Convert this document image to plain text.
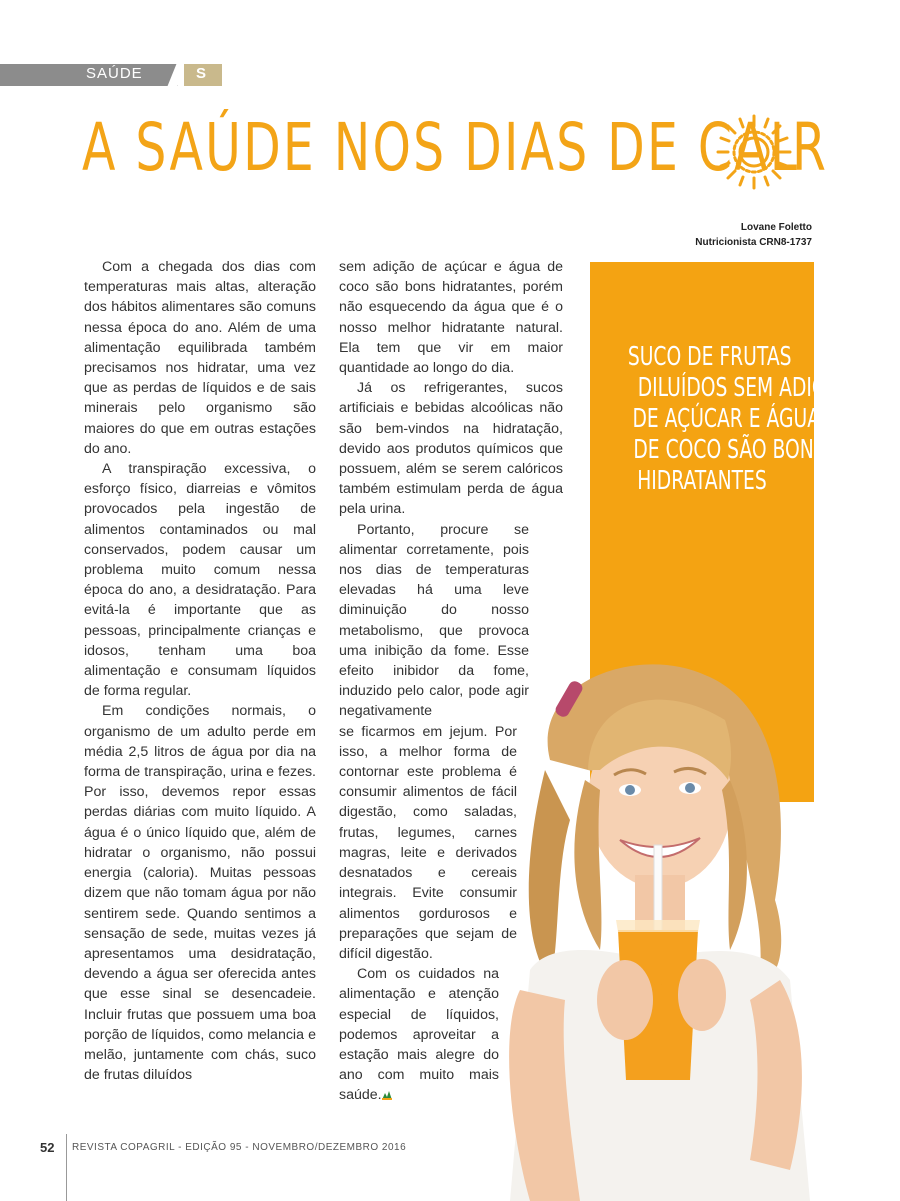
SAÚDE	S
A SAÚDE NOS DIAS DE CAL
R
Lovane Foletto
Nutricionista CRN8-1737

Com a chegada dos dias com temperaturas mais altas, alteração dos hábitos alimentares são comuns nessa época do ano. Além de uma alimentação equilibrada também precisamos nos hidratar, uma vez que as perdas de líquidos e de sais minerais pelo organismo são maiores do que em outras estações do ano.

A transpiração excessiva, o esforço físico, diarreias e vômitos provocados pela ingestão de alimentos contaminados ou mal conservados, podem causar um problema muito comum nessa época do ano, a desidratação. Para evitá-la é importante que as pessoas, principalmente crianças e idosos, tenham uma boa alimentação e consumam líquidos de forma regular.

Em condições normais, o organismo de um adulto perde em média 2,5 litros de água por dia na forma de transpiração, urina e fezes. Por isso, devemos repor essas perdas diárias com muito líquido. A água é o único líquido que, além de hidratar o organismo, não possui energia (caloria). Muitas pessoas dizem que não tomam água por não sentirem sede. Quando sentimos a sensação de sede, muitas vezes já apresentamos uma desidratação, devendo a água ser oferecida antes que esse sinal se desencadeie. Incluir frutas que possuem uma boa porção de líquidos, como melancia e melão, juntamente com chás, suco de frutas diluídos

SUCO DE FRUTAS
DILUÍDOS SEM ADIÇÃO
DE AÇÚCAR E ÁGUA
DE COCO SÃO BONS
HIDRATANTES

sem adição de açúcar e água de coco são bons hidratantes, porém não esquecendo da água que é o nosso melhor hidratante natural. Ela tem que vir em maior quantidade ao longo do dia.

Já os refrigerantes, sucos artificiais e bebidas alcoólicas não são bem-vindos na hidratação, devido aos produtos químicos que possuem, além se serem calóricos também estimulam perda de água pela urina.

Portanto, procure se alimentar corretamente, pois nos dias de temperaturas elevadas há uma leve diminuição do nosso metabolismo, que provoca uma inibição da fome. Esse efeito inibidor da fome, induzido pelo calor, pode agir negativamente

se ficarmos em jejum. Por isso, a melhor forma de contornar este problema é consumir alimentos de fácil digestão, como saladas, frutas, legumes, carnes magras, leite e derivados desnatados e cereais integrais. Evite consumir alimentos gordurosos e preparações que sejam de difícil digestão.

Com os cuidados na alimentação e atenção especial de líquidos, podemos aproveitar a estação mais alegre do ano com muito mais saúde.

52 REVISTA COPAGRIL - EDIÇÃO 95 - NOVEMBRO/DEZEMBRO 2016
